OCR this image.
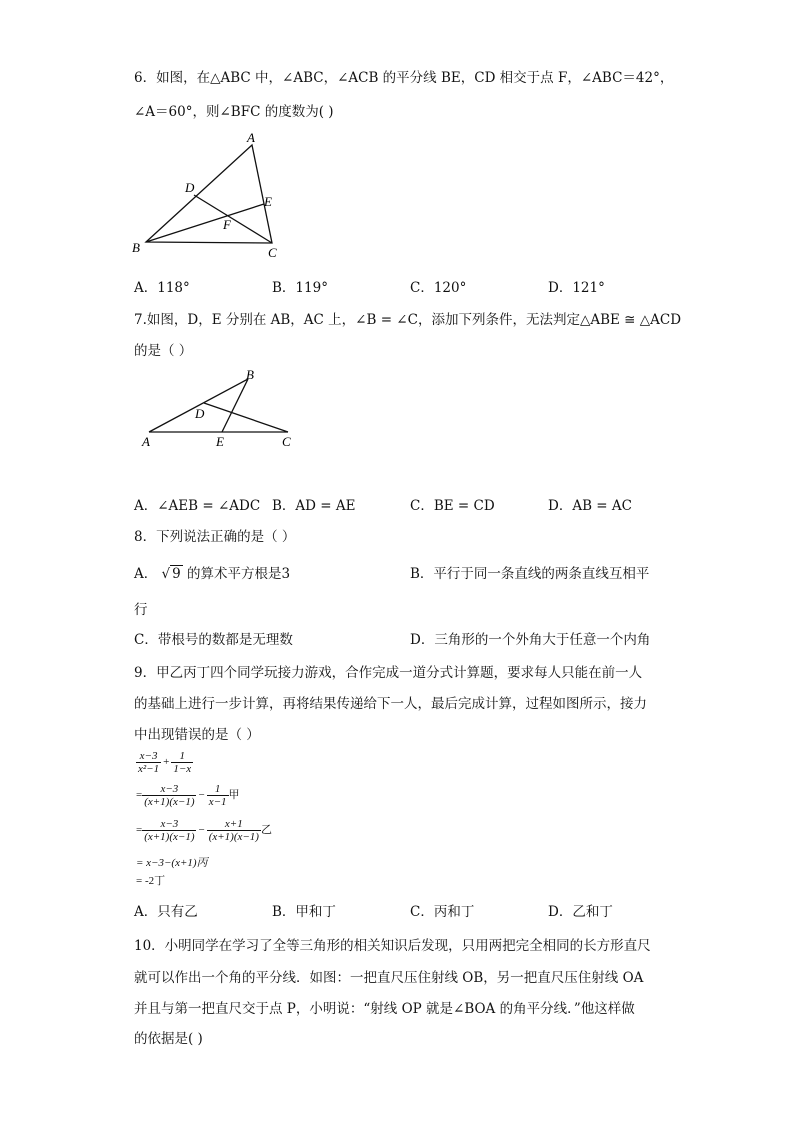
6．如图，在△ABC 中，∠ABC，∠ACB 的平分线 BE，CD 相交于点 F，∠ABC＝42°，
∠A＝60°，则∠BFC 的度数为( )
A
B	C
D
E
F
A．118°	B．119°	C．120°	D．121°
7.如图，D，E 分别在 AB，AC 上，∠B = ∠C，添加下列条件，无法判定△ABE ≅ △ACD
的是（ ）
B
D
A	E	C
A．∠AEB = ∠ADC B．AD = AE	C．BE = CD	D．AB = AC
8．下列说法正确的是（ ）
A． √ 9 的算术平方根是3	B．平行于同一条直线的两条直线互相平
行
C．带根号的数都是无理数	D．三角形的一个外角大于任意一个内角
9．甲乙丙丁四个同学玩接力游戏，合作完成一道分式计算题，要求每人只能在前一人
的基础上进行一步计算，再将结果传递给下一人，最后完成计算，过程如图所示，接力
中出现错误的是（ ）
$\frac{x-3}{\text{x²−1}} + \frac{1}{1-x}$
= $\frac{x-3}{(x+1)(x-1)} - \frac{1}{x-1}$ 甲
= $\frac{x-3}{(x+1)(x-1)} - \frac{x+1}{(x+1)(x-1)}$ 乙
= x−3−(x+1)丙
= -2丁
A．只有乙	B．甲和丁	C．丙和丁	D．乙和丁
10．小明同学在学习了全等三角形的相关知识后发现，只用两把完全相同的长方形直尺
就可以作出一个角的平分线．如图：一把直尺压住射线 OB，另一把直尺压住射线 OA
并且与第一把直尺交于点 P，小明说：“射线 OP 就是∠BOA 的角平分线．”他这样做
的依据是( )
